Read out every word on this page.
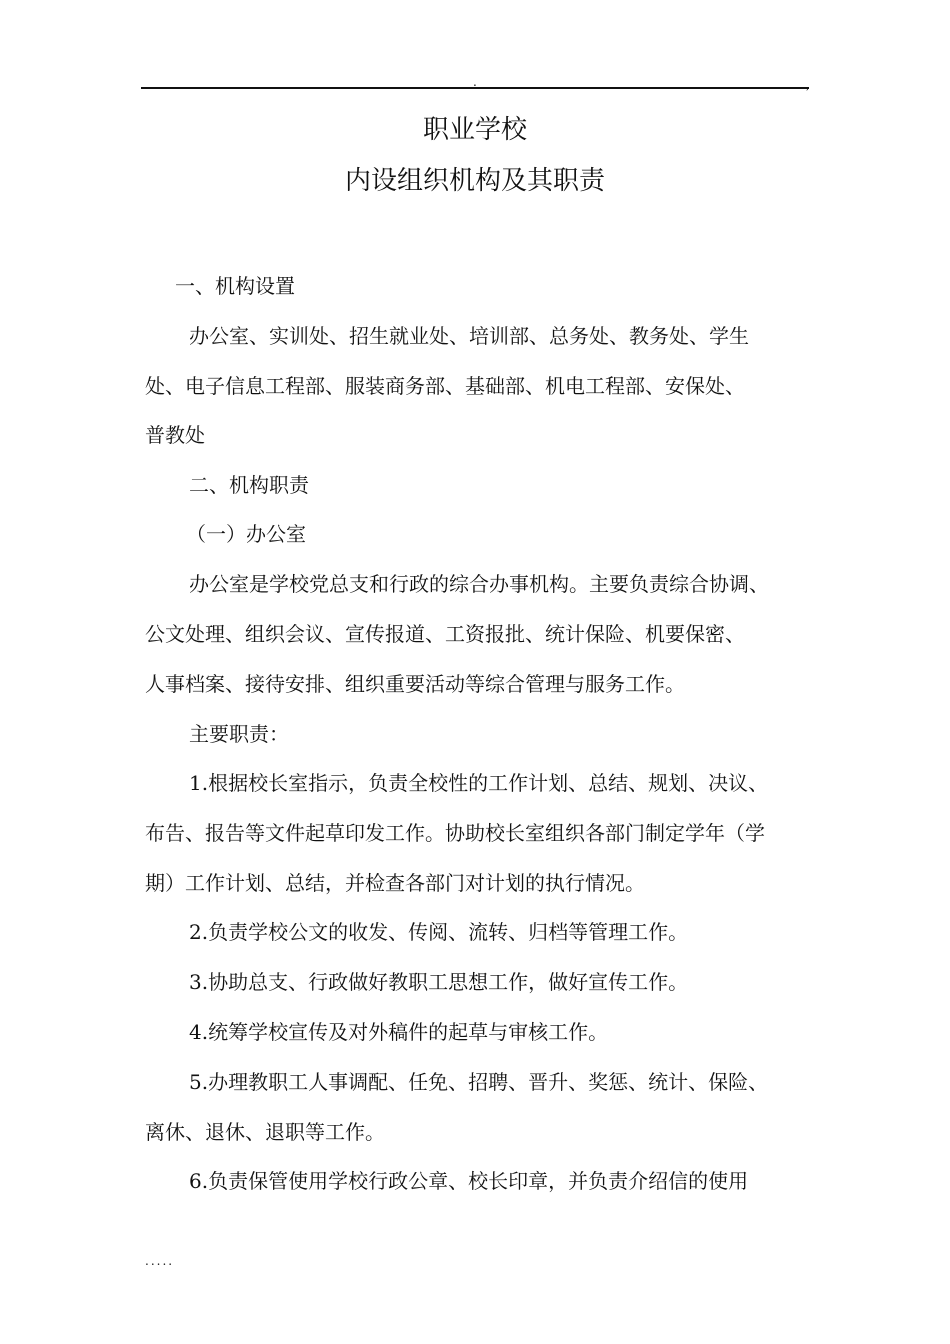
.	,
职业学校
内设组织机构及其职责
一、机构设置
办公室、实训处、招生就业处、培训部、总务处、教务处、学生
处、电子信息工程部、服装商务部、基础部、机电工程部、安保处、
普教处
二、机构职责
（一）办公室
办公室是学校党总支和行政的综合办事机构。主要负责综合协调、
公文处理、组织会议、宣传报道、工资报批、统计保险、机要保密、
人事档案、接待安排、组织重要活动等综合管理与服务工作。
主要职责：
1.根据校长室指示，负责全校性的工作计划、总结、规划、决议、
布告、报告等文件起草印发工作。协助校长室组织各部门制定学年（学
期）工作计划、总结，并检查各部门对计划的执行情况。
2.负责学校公文的收发、传阅、流转、归档等管理工作。
3.协助总支、行政做好教职工思想工作，做好宣传工作。
4.统筹学校宣传及对外稿件的起草与审核工作。
5.办理教职工人事调配、任免、招聘、晋升、奖惩、统计、保险、
离休、退休、退职等工作。
6.负责保管使用学校行政公章、校长印章，并负责介绍信的使用
.....
